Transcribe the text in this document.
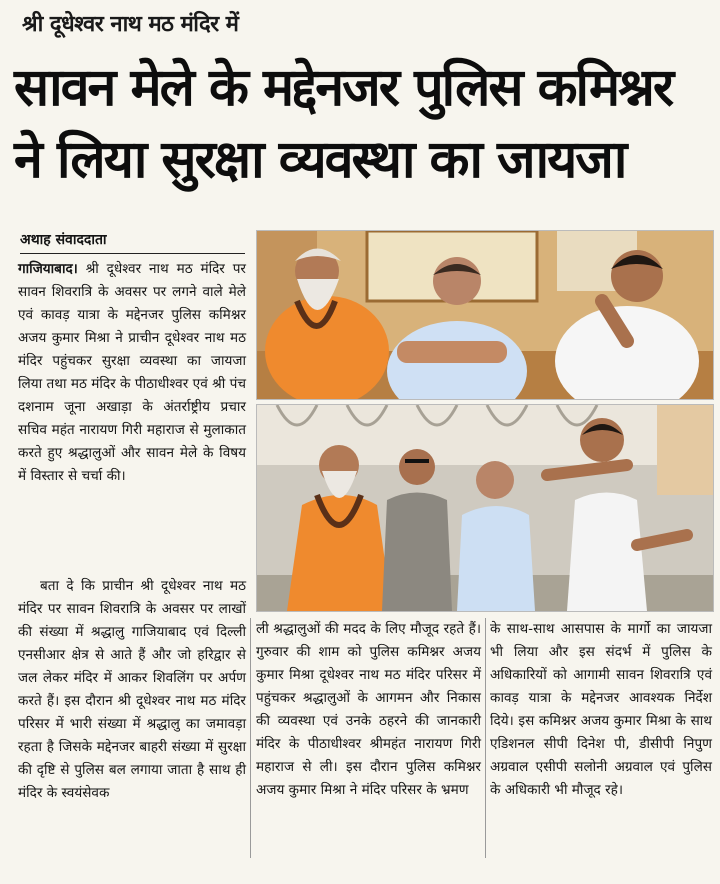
श्री दूधेश्वर नाथ मठ मंदिर में
सावन मेले के मद्देनजर पुलिस कमिश्नर ने लिया सुरक्षा व्यवस्था का जायजा
अथाह संवाददाता

गाजियाबाद। श्री दूधेश्वर नाथ मठ मंदिर पर सावन शिवरात्रि के अवसर पर लगने वाले मेले एवं कावड़ यात्रा के मद्देनजर पुलिस कमिश्नर अजय कुमार मिश्रा ने प्राचीन दूधेश्वर नाथ मठ मंदिर पहुंचकर सुरक्षा व्यवस्था का जायजा लिया तथा मठ मंदिर के पीठाधीश्वर एवं श्री पंच दशनाम जूना अखाड़ा के अंतर्राष्ट्रीय प्रचार सचिव महंत नारायण गिरी महाराज से मुलाकात करते हुए श्रद्धालुओं और सावन मेले के विषय में विस्तार से चर्चा की।

बता दे कि प्राचीन श्री दूधेश्वर नाथ मठ मंदिर पर सावन शिवरात्रि के अवसर पर लाखों की संख्या में श्रद्धालु गाजियाबाद एवं दिल्ली एनसीआर क्षेत्र से आते हैं और जो हरिद्वार से जल लेकर मंदिर में आकर शिवलिंग पर अर्पण करते हैं। इस दौरान श्री दूधेश्वर नाथ मठ मंदिर परिसर में भारी संख्या में श्रद्धालु का जमावड़ा रहता है जिसके मद्देनजर बाहरी संख्या में सुरक्षा की दृष्टि से पुलिस बल लगाया जाता है साथ ही मंदिर के स्वयंसेवक

ली श्रद्धालुओं की मदद के लिए मौजूद रहते हैं। गुरुवार की शाम को पुलिस कमिश्नर अजय कुमार मिश्रा दूधेश्वर नाथ मठ मंदिर परिसर में पहुंचकर श्रद्धालुओं के आगमन और निकास की व्यवस्था एवं उनके ठहरने की जानकारी मंदिर के पीठाधीश्वर श्रीमहंत नारायण गिरी महाराज से ली। इस दौरान पुलिस कमिश्नर अजय कुमार मिश्रा ने मंदिर परिसर के भ्रमण

के साथ-साथ आसपास के मार्गो का जायजा भी लिया और इस संदर्भ में पुलिस के अधिकारियों को आगामी सावन शिवरात्रि एवं कावड़ यात्रा के मद्देनजर आवश्यक निर्देश दिये। इस कमिश्नर अजय कुमार मिश्रा के साथ एडिशनल सीपी दिनेश पी, डीसीपी निपुण अग्रवाल एसीपी सलोनी अग्रवाल एवं पुलिस के अधिकारी भी मौजूद रहे।
